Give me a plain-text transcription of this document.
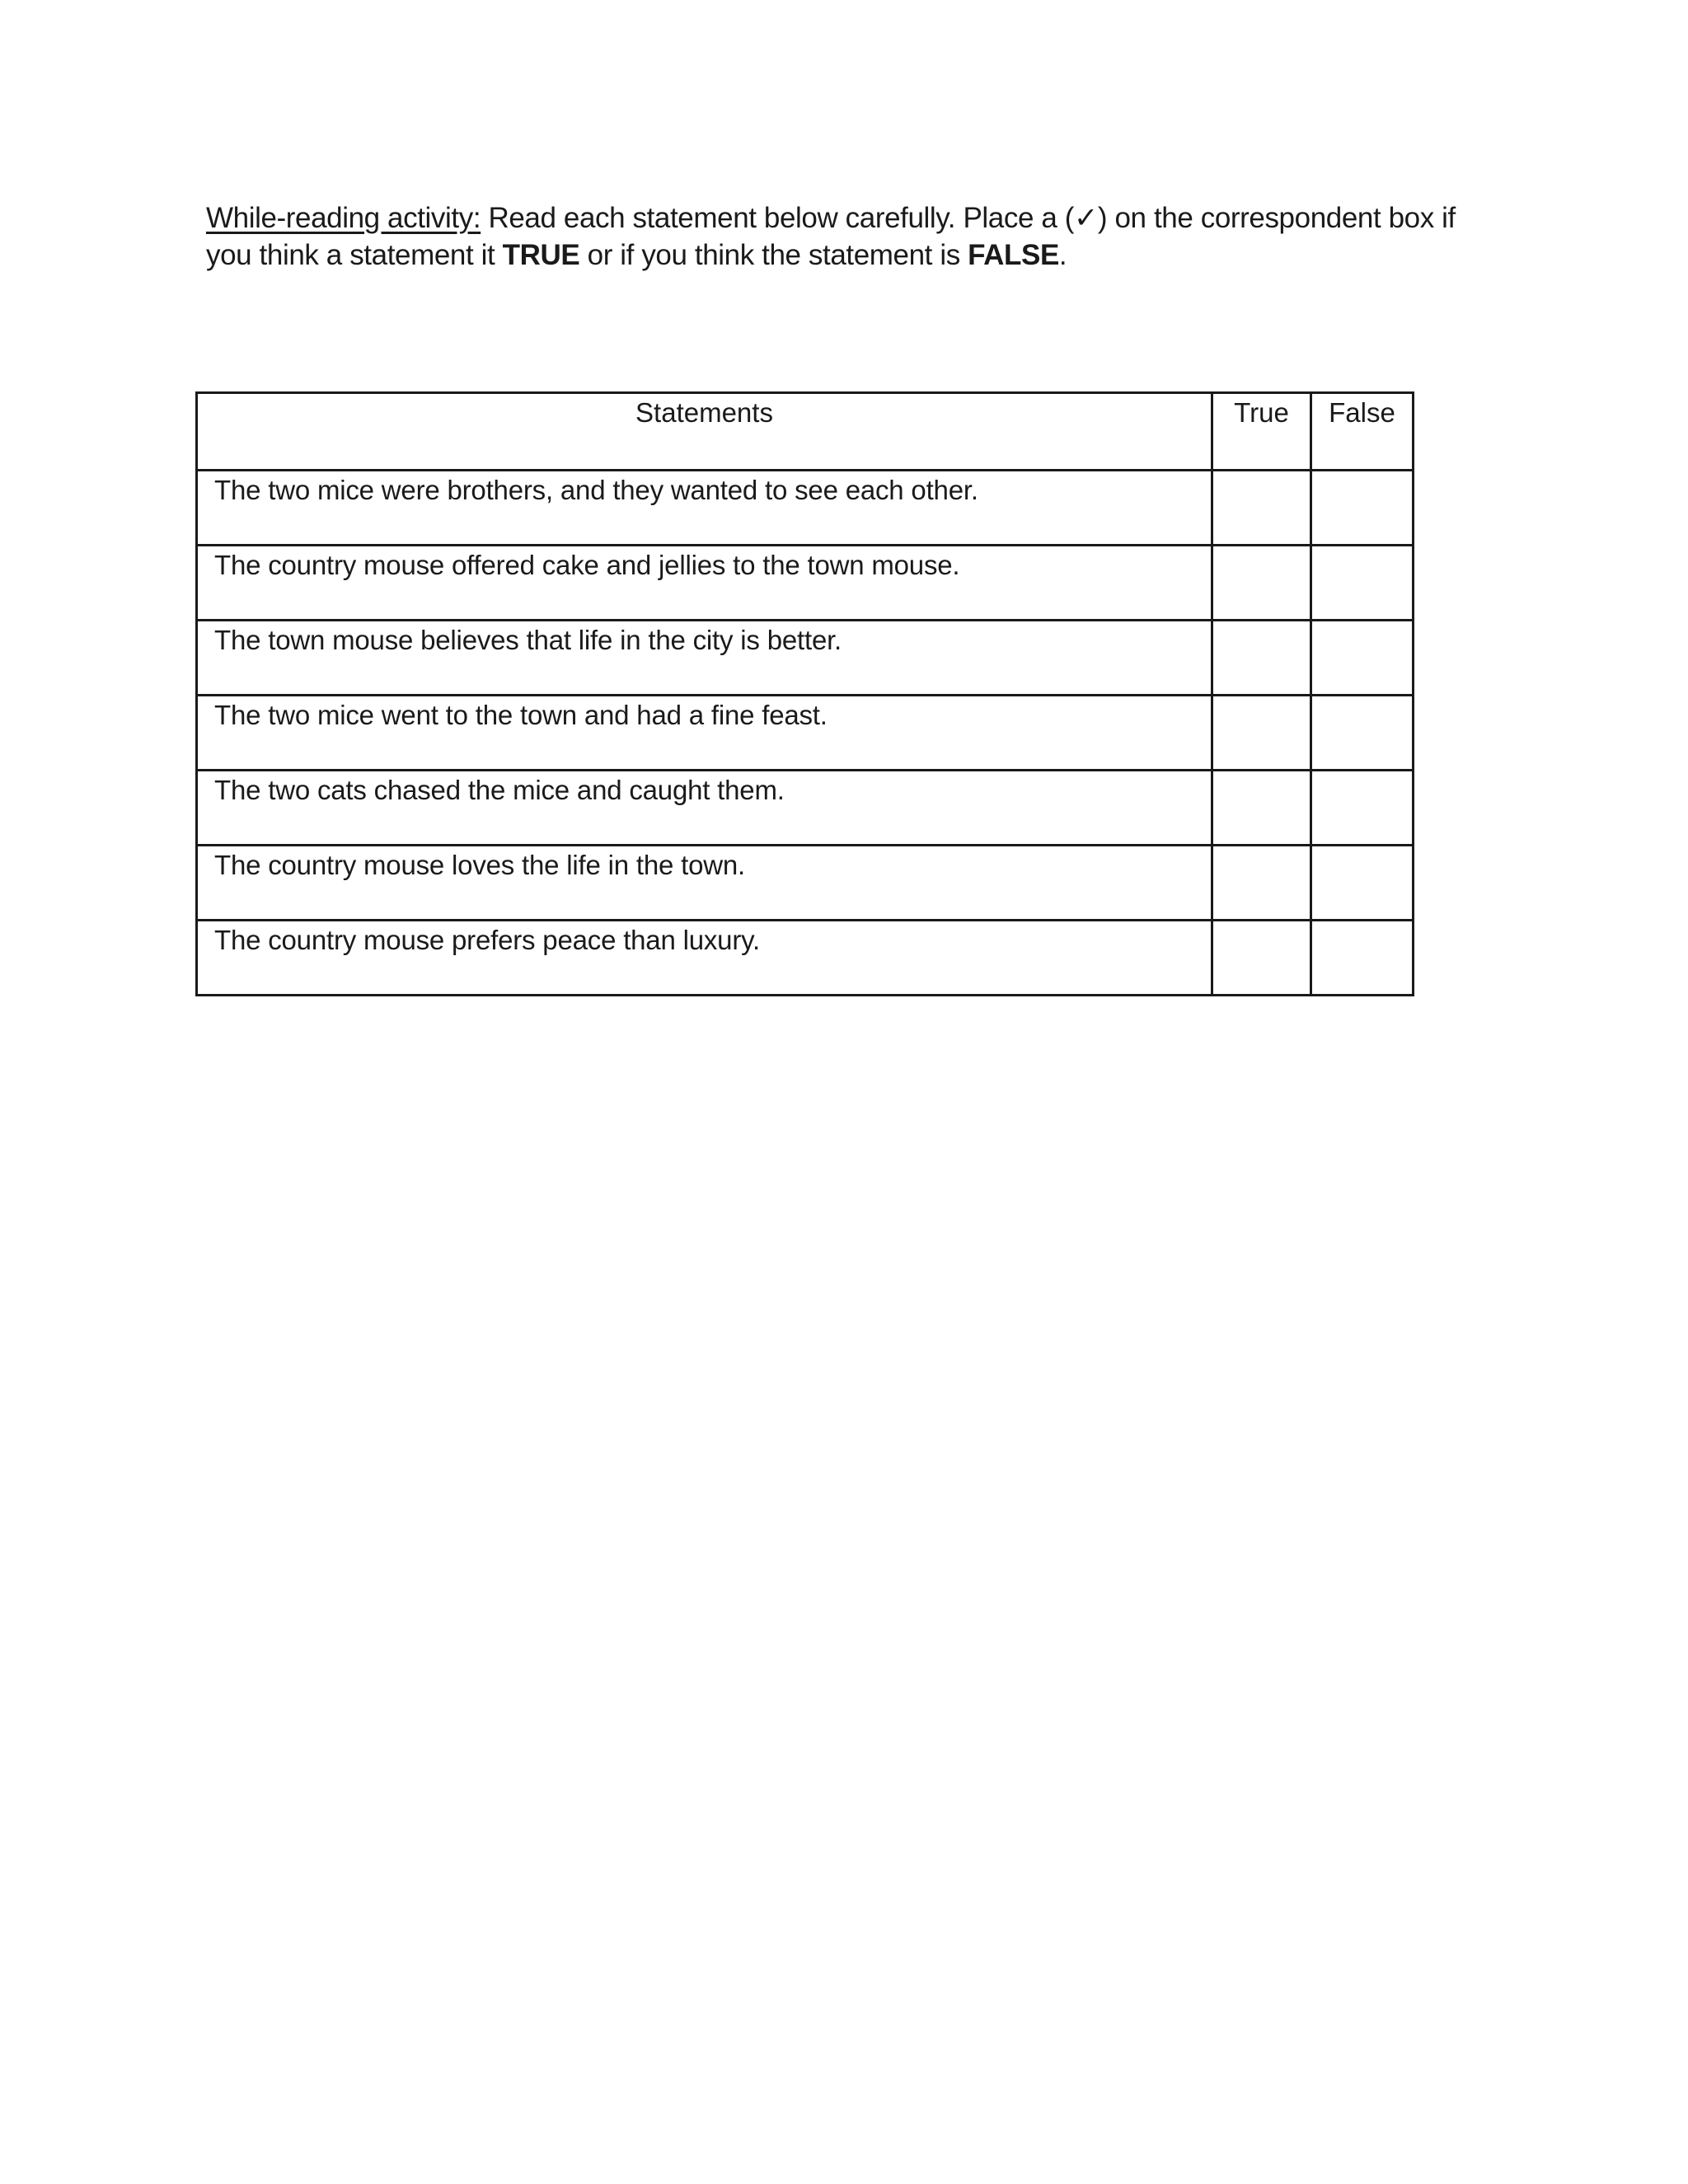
While-reading activity: Read each statement below carefully. Place a (✓) on the correspondent box if you think a statement it TRUE or if you think the statement is FALSE.
Statements	True	False
The two mice were brothers, and they wanted to see each other.		
The country mouse offered cake and jellies to the town mouse.		
The town mouse believes that life in the city is better.		
The two mice went to the town and had a fine feast.		
The two cats chased the mice and caught them.		
The country mouse loves the life in the town.		
The country mouse prefers peace than luxury.		
